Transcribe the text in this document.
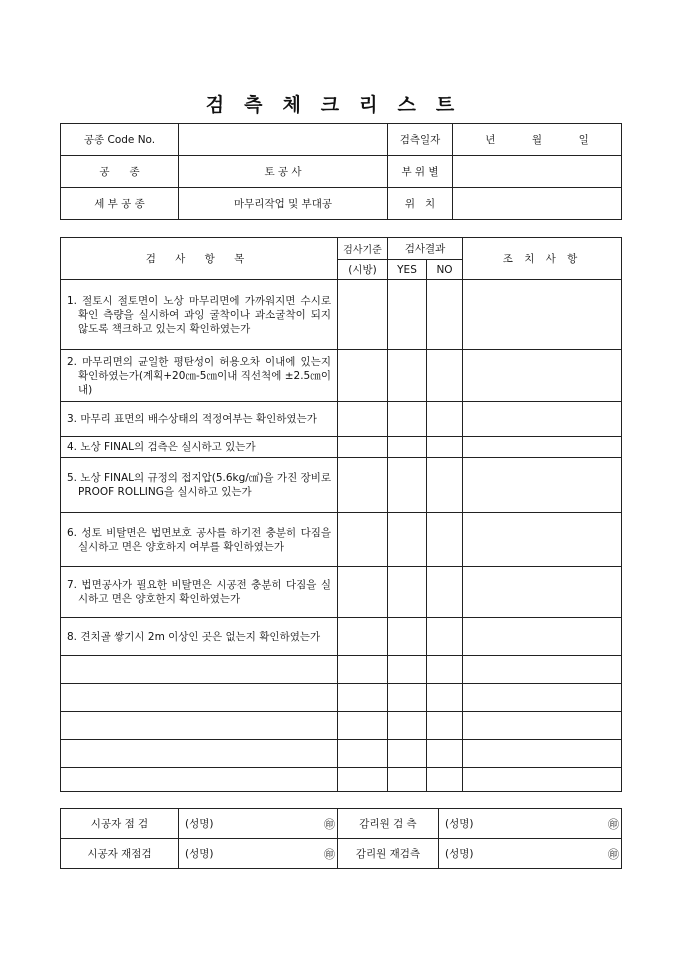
검측체크리스트
공종 Code No.		검측일자	년 월 일

공      종	토 공 사	부 위 별	
세 부 공 종	마무리작업 및 부대공	위   치	
검 사 항 목	검사기준	검사결과		조 치 사 항
	(시방)	YES	NO	

1. 절토시 절토면이 노상 마무리면에 가까워지면 수시로 확인 측량을 실시하여 과잉 굴착이나 과소굴착이 되지 않도록 책크하고 있는지 확인하였는가				

2. 마무리면의 균일한 평탄성이 허용오차 이내에 있는지 확인하였는가(계획+20㎝-5㎝이내 직선척에 ±2.5㎝이내)				

3. 마무리 표면의 배수상태의 적정여부는 확인하였는가				

4. 노상 FINAL의 검측은 실시하고 있는가				

5. 노상 FINAL의 규정의 접지압(5.6kg/㎠)을 가진 장비로 PROOF ROLLING을 실시하고 있는가				

6. 성토 비탈면은 법면보호 공사를 하기전 충분히 다짐을 실시하고 면은 양호하지 여부를 확인하였는가				

7. 법면공사가 필요한 비탈면은 시공전 충분히 다짐을 실시하고 면은 양호한지 확인하였는가				

8. 견치골 쌓기시 2m 이상인 곳은 없는지 확인하였는가				

시공자 점 검	(성명)	㊞	감리원 검 측	(성명)	㊞
시공자 재점검	(성명)	㊞	감리원 재검측	(성명)	㊞
